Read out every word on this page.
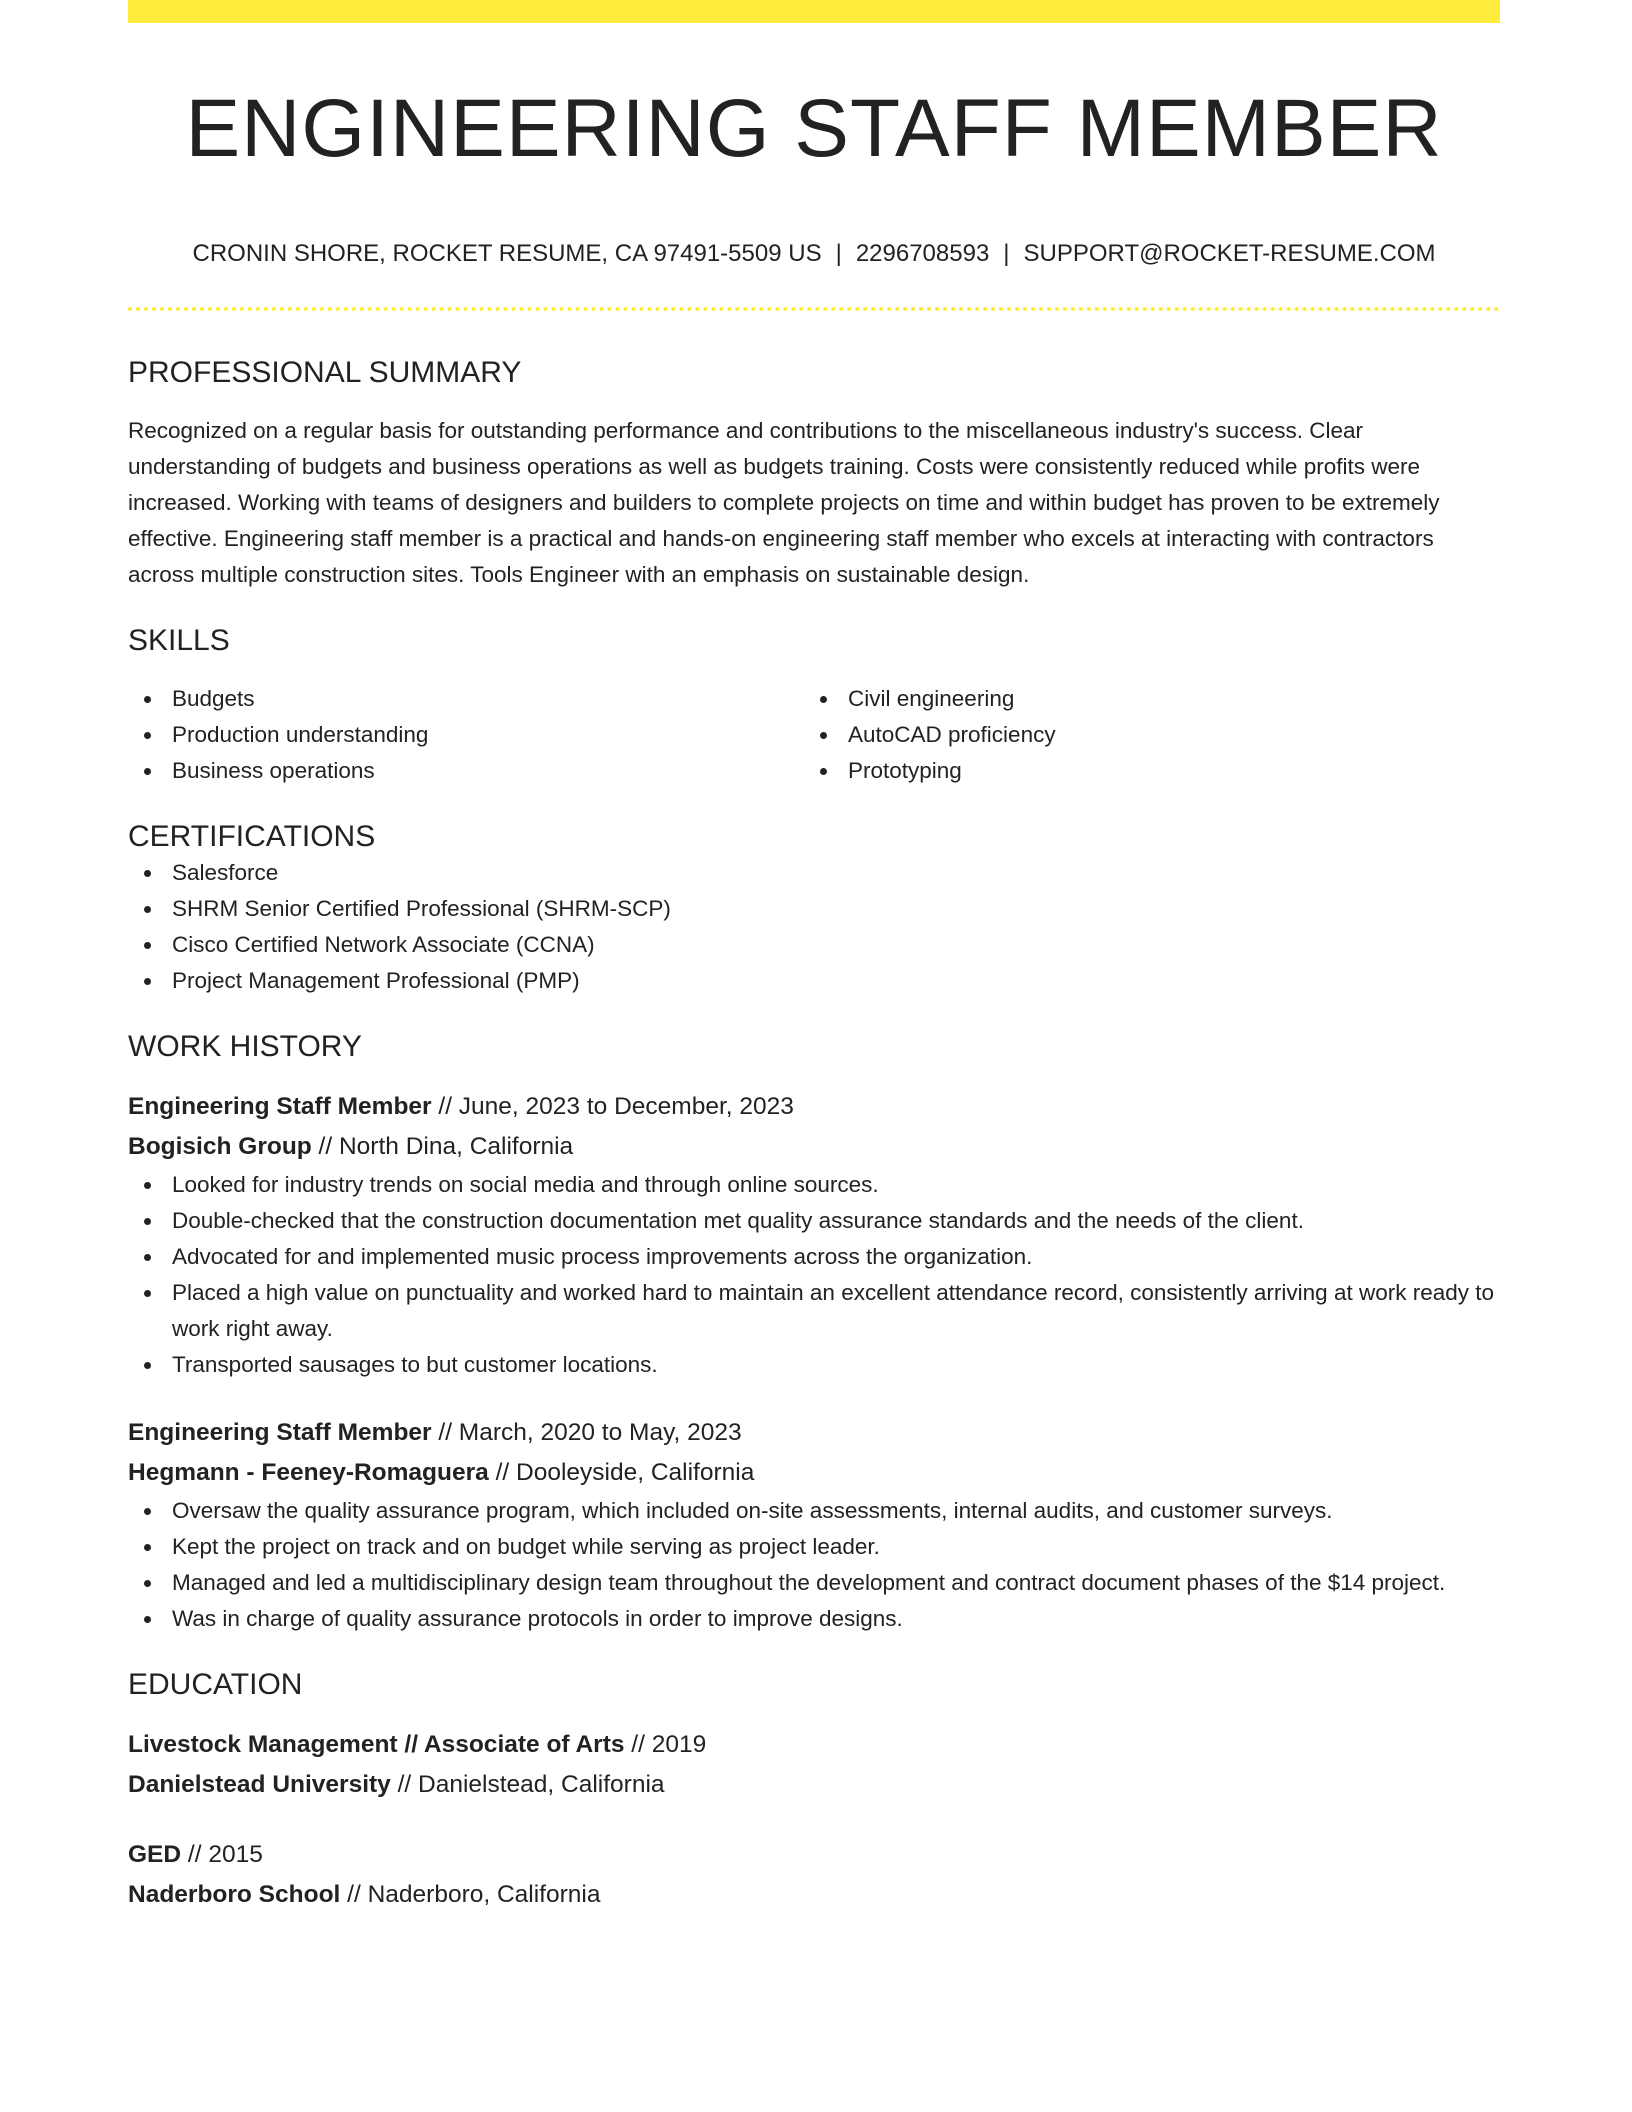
ENGINEERING STAFF MEMBER
CRONIN SHORE, ROCKET RESUME, CA 97491-5509 US | 2296708593 | SUPPORT@ROCKET-RESUME.COM
PROFESSIONAL SUMMARY
Recognized on a regular basis for outstanding performance and contributions to the miscellaneous industry's success. Clear understanding of budgets and business operations as well as budgets training. Costs were consistently reduced while profits were increased. Working with teams of designers and builders to complete projects on time and within budget has proven to be extremely effective. Engineering staff member is a practical and hands-on engineering staff member who excels at interacting with contractors across multiple construction sites. Tools Engineer with an emphasis on sustainable design.
SKILLS
Budgets
Production understanding
Business operations
Civil engineering
AutoCAD proficiency
Prototyping
CERTIFICATIONS
Salesforce
SHRM Senior Certified Professional (SHRM-SCP)
Cisco Certified Network Associate (CCNA)
Project Management Professional (PMP)
WORK HISTORY
Engineering Staff Member // June, 2023 to December, 2023
Bogisich Group // North Dina, California
Looked for industry trends on social media and through online sources.
Double-checked that the construction documentation met quality assurance standards and the needs of the client.
Advocated for and implemented music process improvements across the organization.
Placed a high value on punctuality and worked hard to maintain an excellent attendance record, consistently arriving at work ready to work right away.
Transported sausages to but customer locations.
Engineering Staff Member // March, 2020 to May, 2023
Hegmann - Feeney-Romaguera // Dooleyside, California
Oversaw the quality assurance program, which included on-site assessments, internal audits, and customer surveys.
Kept the project on track and on budget while serving as project leader.
Managed and led a multidisciplinary design team throughout the development and contract document phases of the $14 project.
Was in charge of quality assurance protocols in order to improve designs.
EDUCATION
Livestock Management // Associate of Arts // 2019
Danielstead University // Danielstead, California
GED // 2015
Naderboro School // Naderboro, California
